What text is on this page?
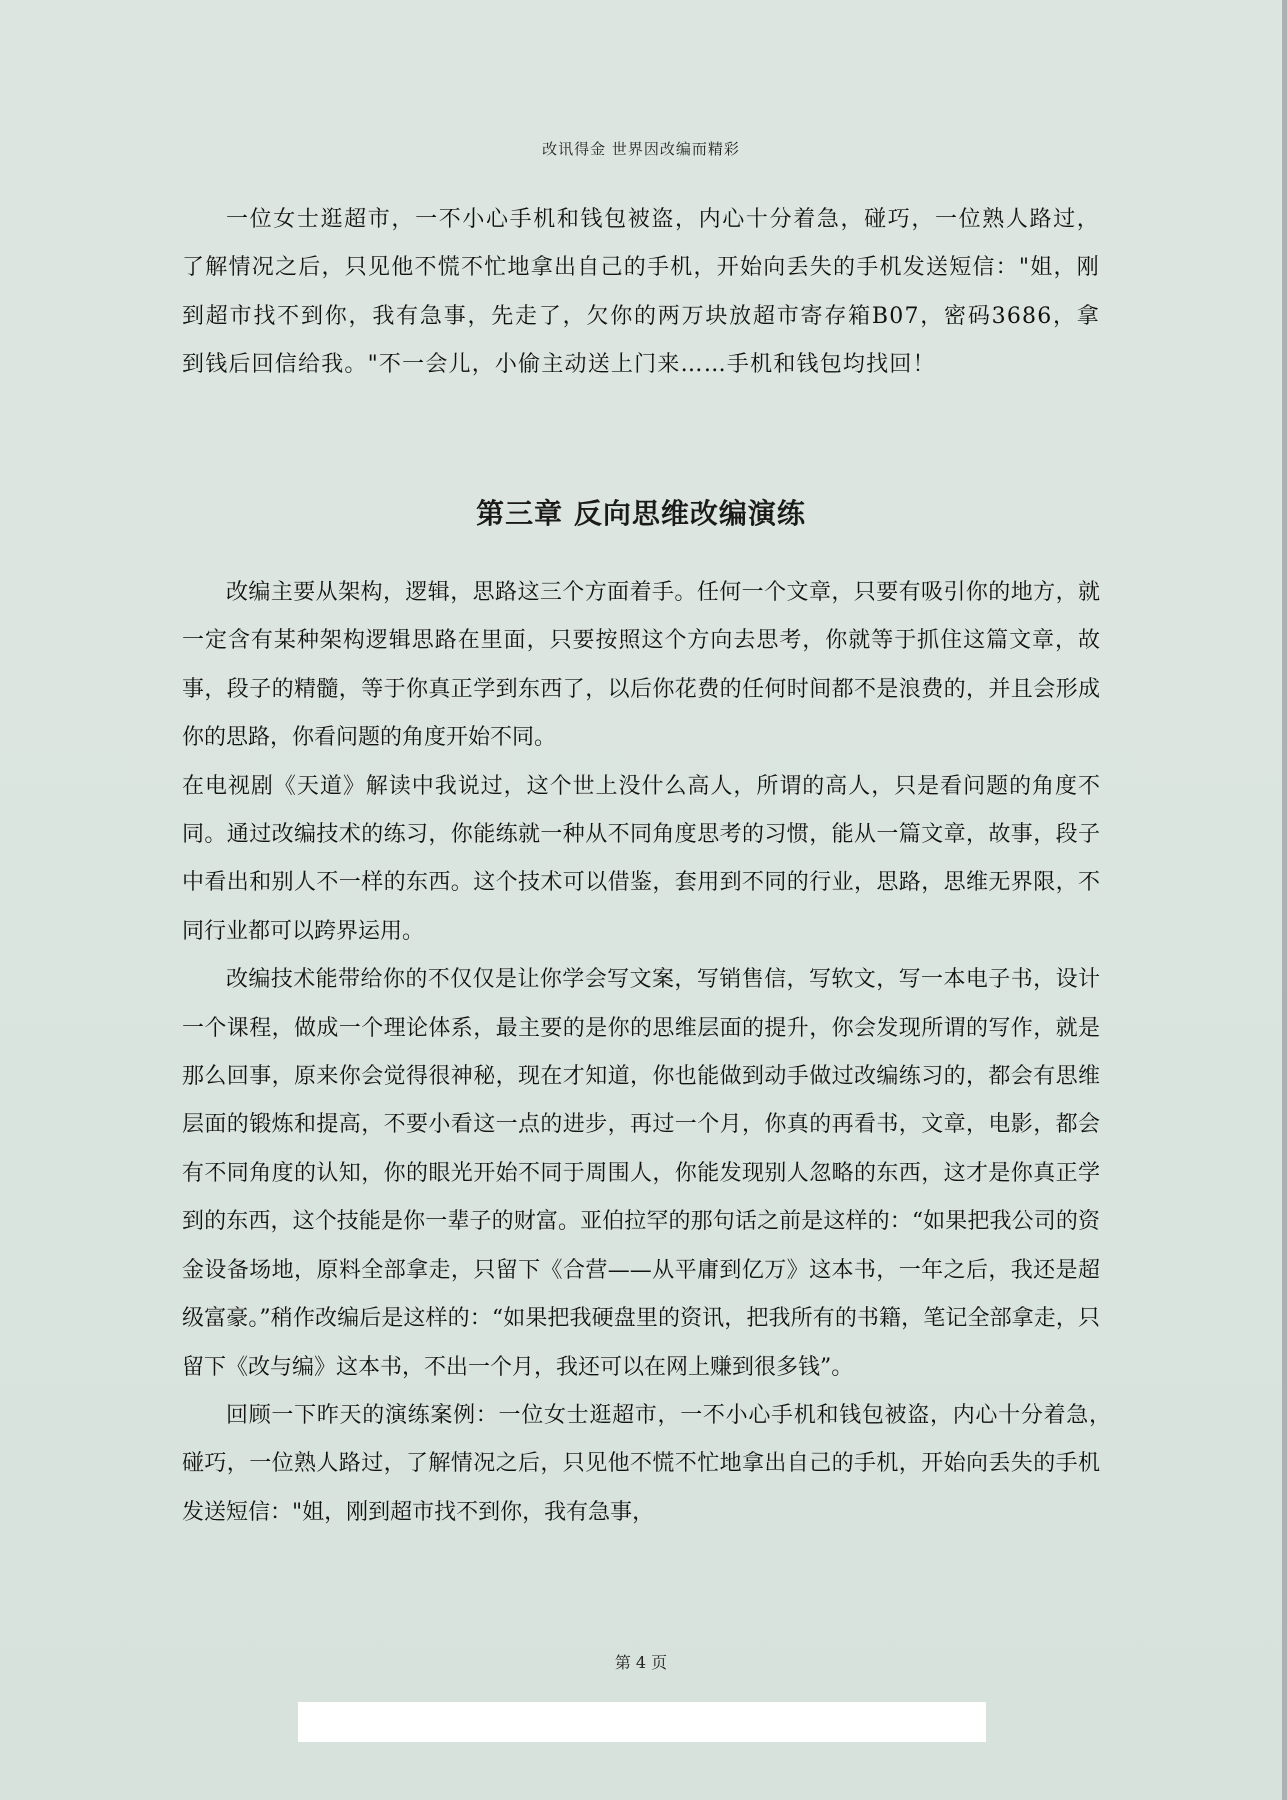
改讯得金 世界因改编而精彩

一位女士逛超市，一不小心手机和钱包被盗，内心十分着急，碰巧，一位熟人路过，了解情况之后，只见他不慌不忙地拿出自己的手机，开始向丢失的手机发送短信："姐，刚到超市找不到你，我有急事，先走了，欠你的两万块放超市寄存箱B07，密码3686，拿到钱后回信给我。"不一会儿，小偷主动送上门来……手机和钱包均找回！

第三章 反向思维改编演练

改编主要从架构，逻辑，思路这三个方面着手。任何一个文章，只要有吸引你的地方，就一定含有某种架构逻辑思路在里面，只要按照这个方向去思考，你就等于抓住这篇文章，故事，段子的精髓，等于你真正学到东西了，以后你花费的任何时间都不是浪费的，并且会形成你的思路，你看问题的角度开始不同。

在电视剧《天道》解读中我说过，这个世上没什么高人，所谓的高人，只是看问题的角度不同。通过改编技术的练习，你能练就一种从不同角度思考的习惯，能从一篇文章，故事，段子中看出和别人不一样的东西。这个技术可以借鉴，套用到不同的行业，思路，思维无界限，不同行业都可以跨界运用。

改编技术能带给你的不仅仅是让你学会写文案，写销售信，写软文，写一本电子书，设计一个课程，做成一个理论体系，最主要的是你的思维层面的提升，你会发现所谓的写作，就是那么回事，原来你会觉得很神秘，现在才知道，你也能做到动手做过改编练习的，都会有思维层面的锻炼和提高，不要小看这一点的进步，再过一个月，你真的再看书，文章，电影，都会有不同角度的认知，你的眼光开始不同于周围人，你能发现别人忽略的东西，这才是你真正学到的东西，这个技能是你一辈子的财富。亚伯拉罕的那句话之前是这样的：“如果把我公司的资金设备场地，原料全部拿走，只留下《合营——从平庸到亿万》这本书，一年之后，我还是超级富豪。”稍作改编后是这样的：“如果把我硬盘里的资讯，把我所有的书籍，笔记全部拿走，只留下《改与编》这本书，不出一个月，我还可以在网上赚到很多钱”。

回顾一下昨天的演练案例：一位女士逛超市，一不小心手机和钱包被盗，内心十分着急，　碰巧，一位熟人路过，了解情况之后，只见他不慌不忙地拿出自己的手机，开始向丢失的手机发送短信："姐，刚到超市找不到你，我有急事，

第 4 页
